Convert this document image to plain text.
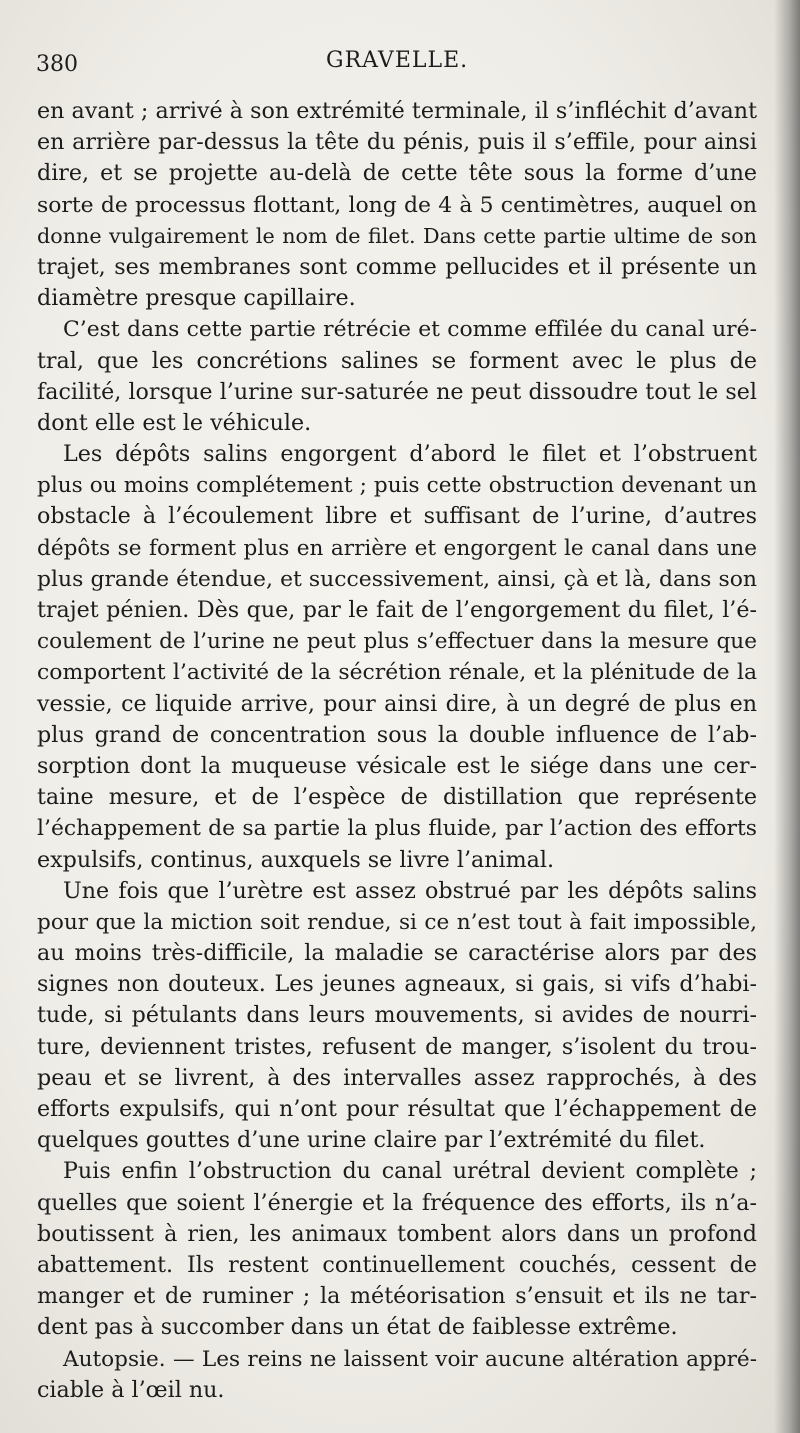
380	GRAVELLE.
en avant ; arrivé à son extrémité terminale, il s’infléchit d’avant
en arrière par-dessus la tête du pénis, puis il s’effile, pour ainsi
dire, et se projette au-delà de cette tête sous la forme d’une
sorte de processus flottant, long de 4 à 5 centimètres, auquel on
donne vulgairement le nom de filet. Dans cette partie ultime de son
trajet, ses membranes sont comme pellucides et il présente un
diamètre presque capillaire.
C’est dans cette partie rétrécie et comme effilée du canal uré-
tral, que les concrétions salines se forment avec le plus de
facilité, lorsque l’urine sur-saturée ne peut dissoudre tout le sel
dont elle est le véhicule.
Les dépôts salins engorgent d’abord le filet et l’obstruent
plus ou moins complétement ; puis cette obstruction devenant un
obstacle à l’écoulement libre et suffisant de l’urine, d’autres
dépôts se forment plus en arrière et engorgent le canal dans une
plus grande étendue, et successivement, ainsi, çà et là, dans son
trajet pénien. Dès que, par le fait de l’engorgement du filet, l’é-
coulement de l’urine ne peut plus s’effectuer dans la mesure que
comportent l’activité de la sécrétion rénale, et la plénitude de la
vessie, ce liquide arrive, pour ainsi dire, à un degré de plus en
plus grand de concentration sous la double influence de l’ab-
sorption dont la muqueuse vésicale est le siége dans une cer-
taine mesure, et de l’espèce de distillation que représente
l’échappement de sa partie la plus fluide, par l’action des efforts
expulsifs, continus, auxquels se livre l’animal.
Une fois que l’urètre est assez obstrué par les dépôts salins
pour que la miction soit rendue, si ce n’est tout à fait impossible,
au moins très-difficile, la maladie se caractérise alors par des
signes non douteux. Les jeunes agneaux, si gais, si vifs d’habi-
tude, si pétulants dans leurs mouvements, si avides de nourri-
ture, deviennent tristes, refusent de manger, s’isolent du trou-
peau et se livrent, à des intervalles assez rapprochés, à des
efforts expulsifs, qui n’ont pour résultat que l’échappement de
quelques gouttes d’une urine claire par l’extrémité du filet.
Puis enfin l’obstruction du canal urétral devient complète ;
quelles que soient l’énergie et la fréquence des efforts, ils n’a-
boutissent à rien, les animaux tombent alors dans un profond
abattement. Ils restent continuellement couchés, cessent de
manger et de ruminer ; la météorisation s’ensuit et ils ne tar-
dent pas à succomber dans un état de faiblesse extrême.
Autopsie. — Les reins ne laissent voir aucune altération appré-
ciable à l’œil nu.
